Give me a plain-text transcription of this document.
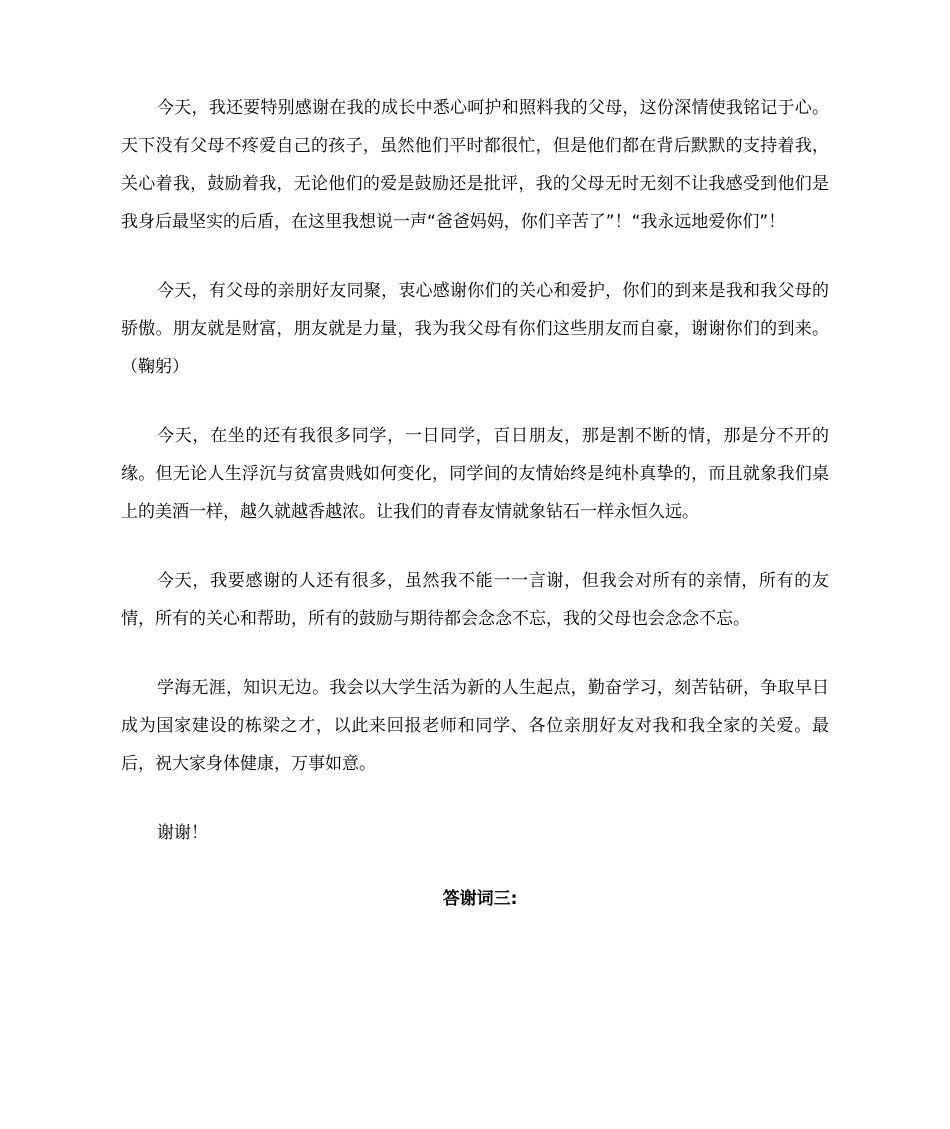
今天，我还要特别感谢在我的成长中悉心呵护和照料我的父母，这份深情使我铭记于心。天下没有父母不疼爱自己的孩子，虽然他们平时都很忙，但是他们都在背后默默的支持着我，关心着我，鼓励着我，无论他们的爱是鼓励还是批评，我的父母无时无刻不让我感受到他们是我身后最坚实的后盾，在这里我想说一声“爸爸妈妈，你们辛苦了”！“我永远地爱你们”！

今天，有父母的亲朋好友同聚，衷心感谢你们的关心和爱护，你们的到来是我和我父母的骄傲。朋友就是财富，朋友就是力量，我为我父母有你们这些朋友而自豪，谢谢你们的到来。（鞠躬）

今天，在坐的还有我很多同学，一日同学，百日朋友，那是割不断的情，那是分不开的缘。但无论人生浮沉与贫富贵贱如何变化，同学间的友情始终是纯朴真挚的，而且就象我们桌上的美酒一样，越久就越香越浓。让我们的青春友情就象钻石一样永恒久远。

今天，我要感谢的人还有很多，虽然我不能一一言谢，但我会对所有的亲情，所有的友情，所有的关心和帮助，所有的鼓励与期待都会念念不忘，我的父母也会念念不忘。

学海无涯，知识无边。我会以大学生活为新的人生起点，勤奋学习，刻苦钻研，争取早日成为国家建设的栋梁之才，以此来回报老师和同学、各位亲朋好友对我和我全家的关爱。最后，祝大家身体健康，万事如意。

谢谢！

答谢词三:
